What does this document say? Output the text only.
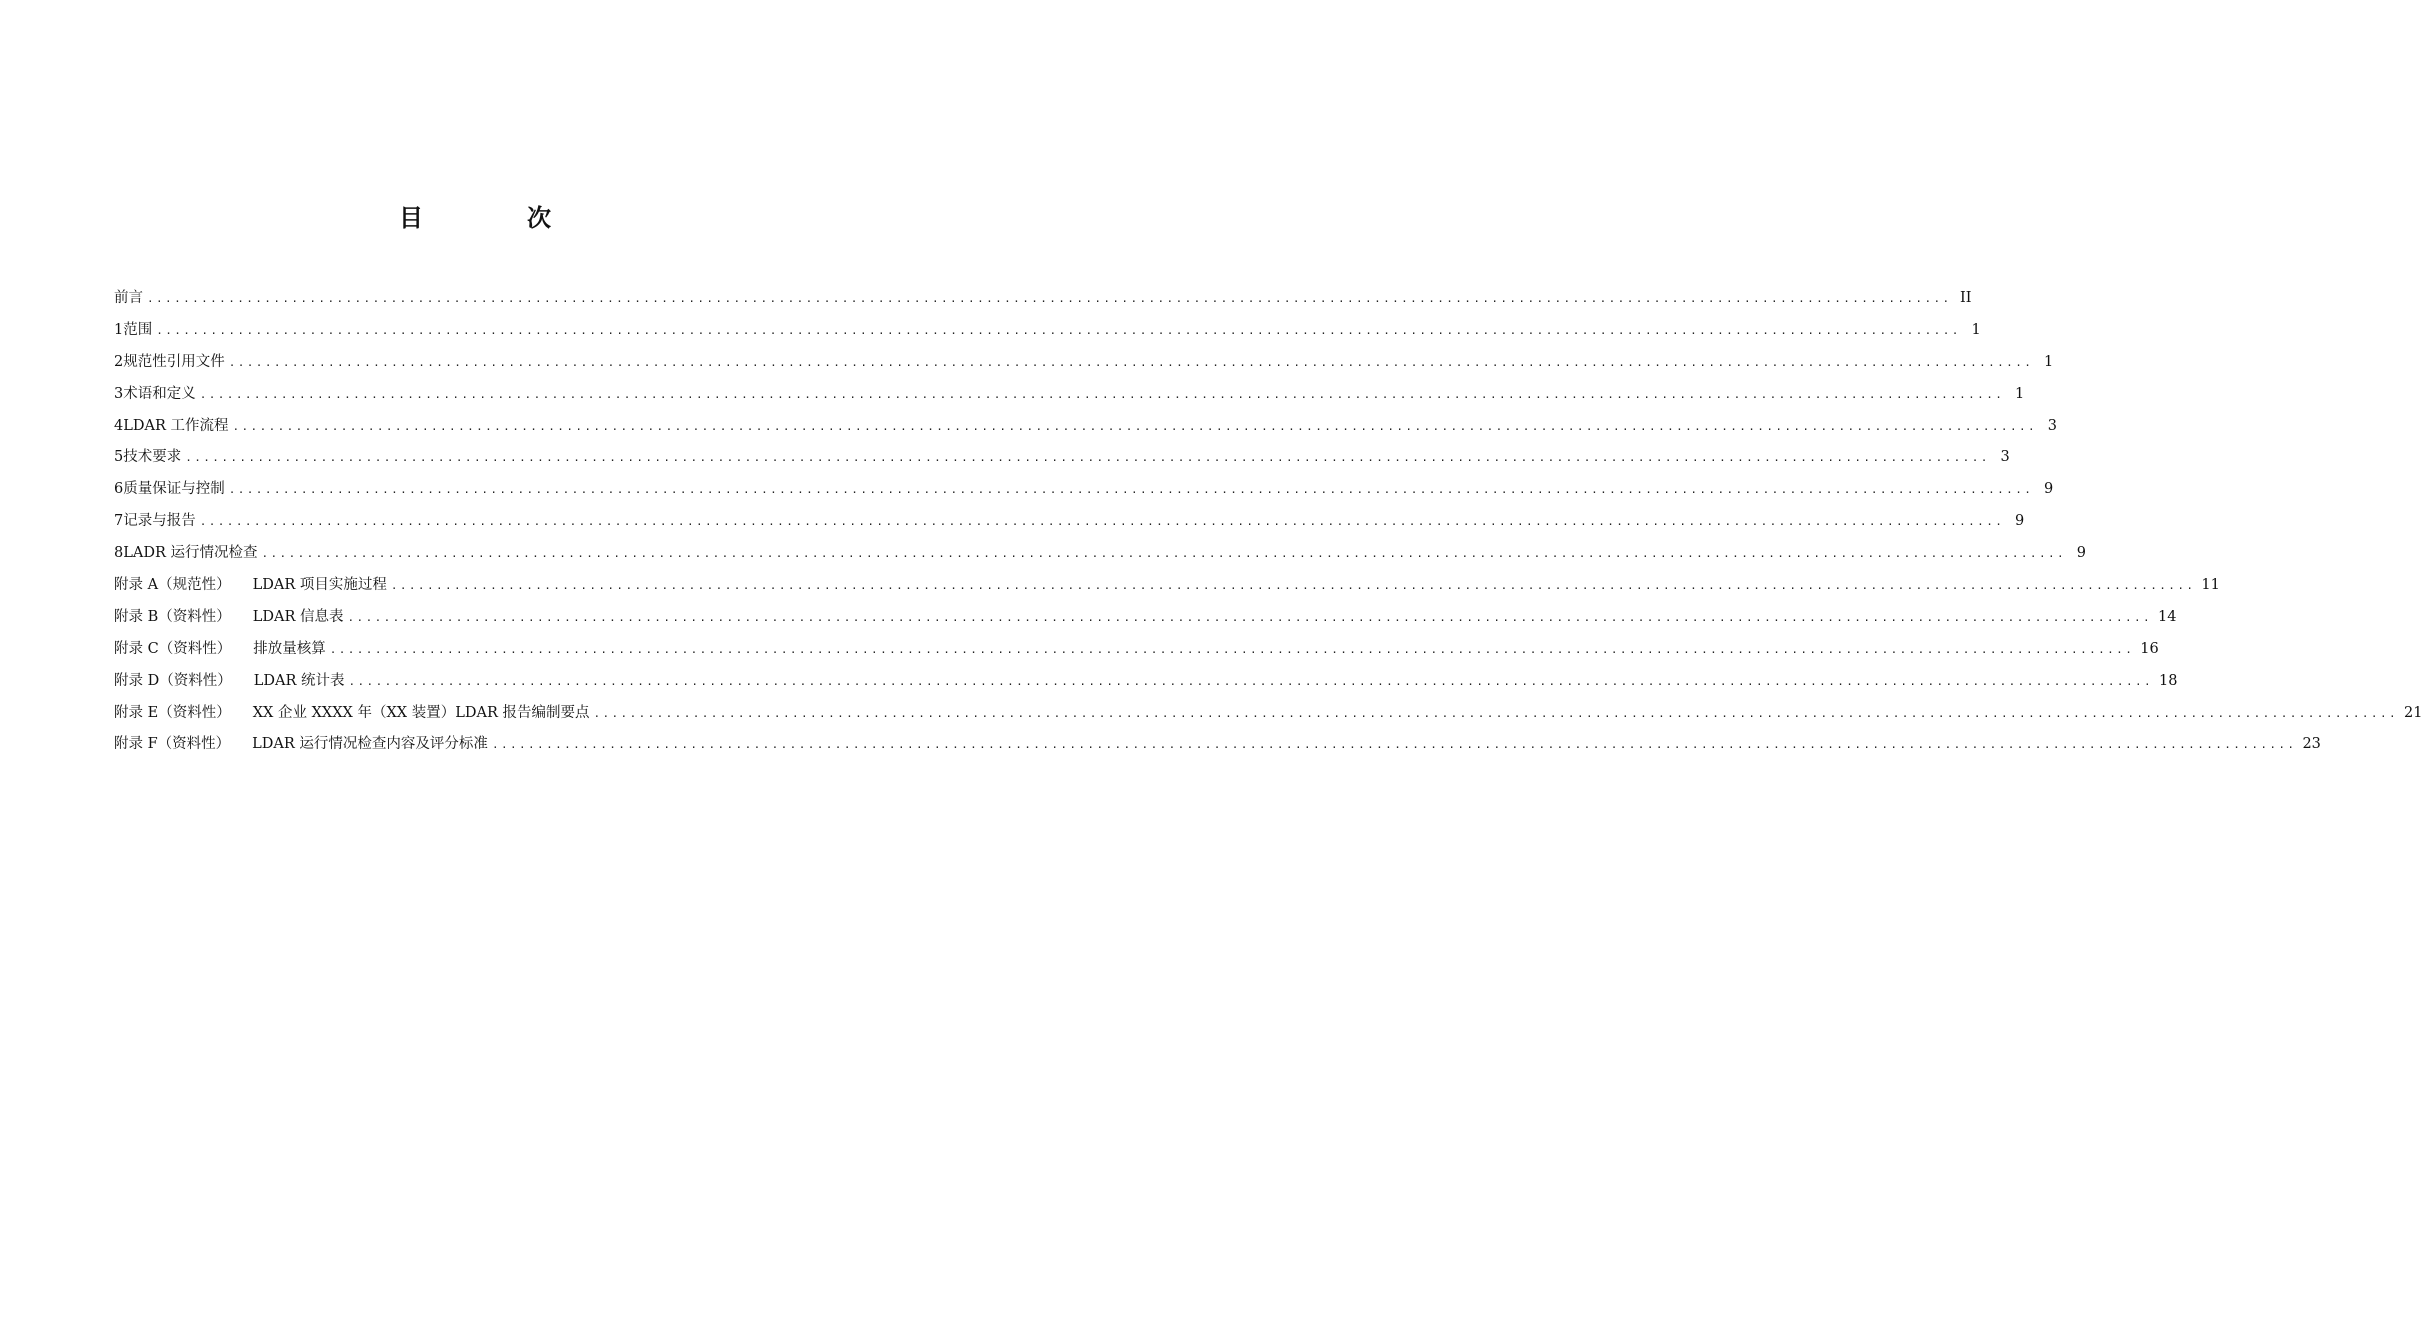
目　次
前言 ........................................................................................................................................................................................................ II
1 范围 ........................................................................................................................................................................................................ 1
2 规范性引用文件 ........................................................................................................................................................................................................ 1
3 术语和定义 ........................................................................................................................................................................................................ 1
4 LDAR 工作流程 ........................................................................................................................................................................................................ 3
5 技术要求 ........................................................................................................................................................................................................ 3
6 质量保证与控制 ........................................................................................................................................................................................................ 9
7 记录与报告 ........................................................................................................................................................................................................ 9
8 LADR 运行情况检查 ........................................................................................................................................................................................................ 9
附录 A（规范性） LDAR 项目实施过程 ........................................................................................................................................................................................................ 11
附录 B（资料性） LDAR 信息表 ........................................................................................................................................................................................................ 14
附录 C（资料性） 排放量核算 ........................................................................................................................................................................................................ 16
附录 D（资料性） LDAR 统计表 ........................................................................................................................................................................................................ 18
附录 E（资料性） XX 企业 XXXX 年（XX 装置）LDAR 报告编制要点 ........................................................................................................................................................................................................ 21
附录 F（资料性） LDAR 运行情况检查内容及评分标准 ........................................................................................................................................................................................................ 23
